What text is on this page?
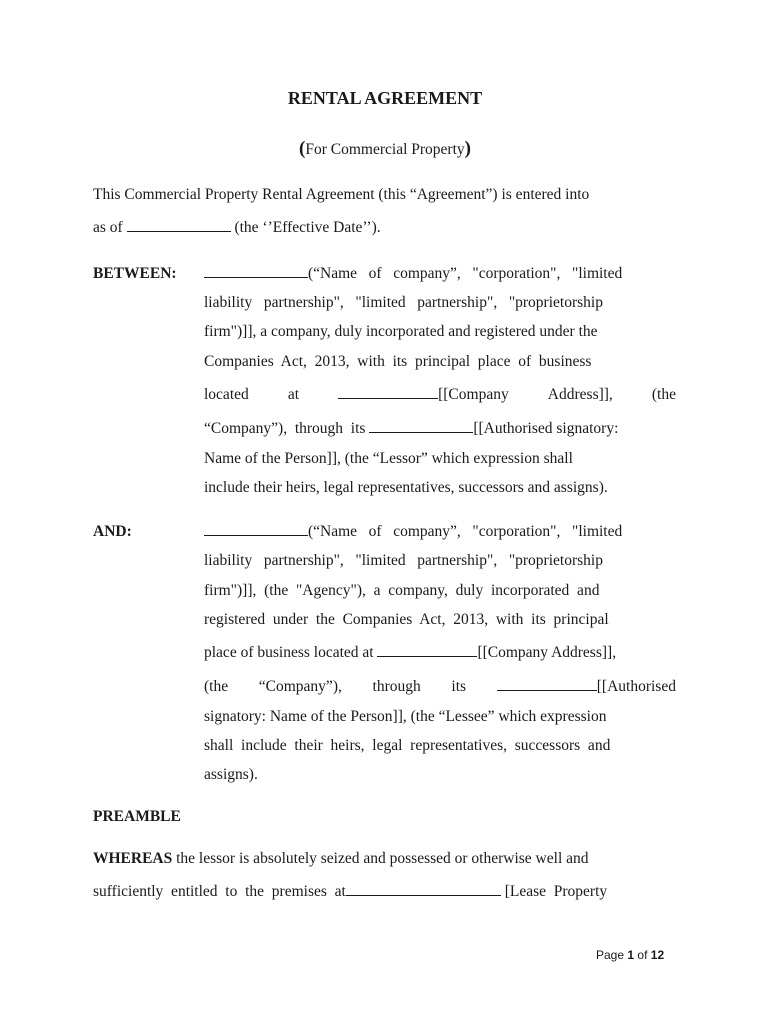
RENTAL AGREEMENT
(For Commercial Property)
This Commercial Property Rental Agreement (this “Agreement”) is entered into
as of	(the ‘’Effective Date’’).
BETWEEN:	(“Name   of   company”,   "corporation",   "limited
liability   partnership",   "limited   partnership",   "proprietorship
firm")]], a company, duly incorporated and registered under the
Companies  Act,  2013,  with  its  principal  place  of  business
located	at	[[Company	Address]],	(the
“Company”),  through  its	[[Authorised signatory:
Name of the Person]], (the “Lessor” which expression shall
include their heirs, legal representatives, successors and assigns).
AND:	(“Name   of   company”,   "corporation",   "limited
liability   partnership",   "limited   partnership",   "proprietorship
firm")]],  (the  "Agency"),  a  company,  duly  incorporated  and
registered  under  the  Companies  Act,  2013,  with  its  principal
place of business located at	[[Company Address]],
(the “Company”), through its	[[Authorised
signatory: Name of the Person]], (the “Lessee” which expression
shall  include  their  heirs,  legal  representatives,  successors  and
assigns).
PREAMBLE
WHEREAS the lessor is absolutely seized and possessed or otherwise well and
sufficiently  entitled  to  the  premises  at	[Lease  Property
Page 1 of 12
